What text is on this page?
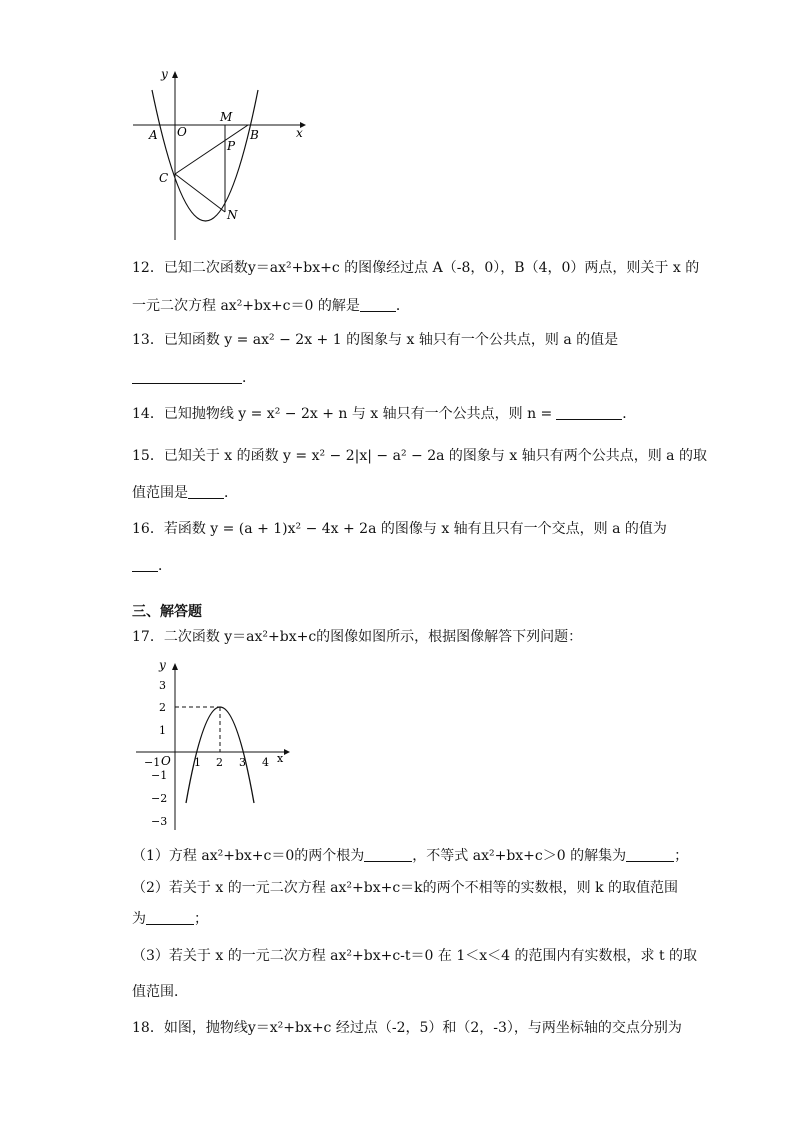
y
x
A O
M
B
P
C
N
12．已知二次函数y＝ax²+bx+c 的图像经过点 A（-8，0），B（4，0）两点，则关于 x 的
一元二次方程 ax²+bx+c＝0 的解是	．
13．已知函数 y = ax² − 2x + 1 的图象与 x 轴只有一个公共点，则 a 的值是
．
14．已知抛物线 y = x² − 2x + n 与 x 轴只有一个公共点，则 n =	．
15．已知关于 x 的函数 y = x² − 2|x| − a² − 2a 的图象与 x 轴只有两个公共点，则 a 的取
值范围是	．
16．若函数 y = (a + 1)x² − 4x + 2a 的图像与 x 轴有且只有一个交点，则 a 的值为
．
三、解答题
17．二次函数 y＝ax²+bx+c的图像如图所示，根据图像解答下列问题：
y
x
O
−1	1 2 3 4
3
2
1
−1
−2
−3
（1）方程 ax²+bx+c＝0的两个根为	，不等式 ax²+bx+c＞0 的解集为	；
（2）若关于 x 的一元二次方程 ax²+bx+c＝k的两个不相等的实数根，则 k 的取值范围
为	；
（3）若关于 x 的一元二次方程 ax²+bx+c-t＝0 在 1＜x＜4 的范围内有实数根，求 t 的取
值范围．
18．如图，抛物线y＝x²+bx+c 经过点（-2，5）和（2，-3），与两坐标轴的交点分别为
